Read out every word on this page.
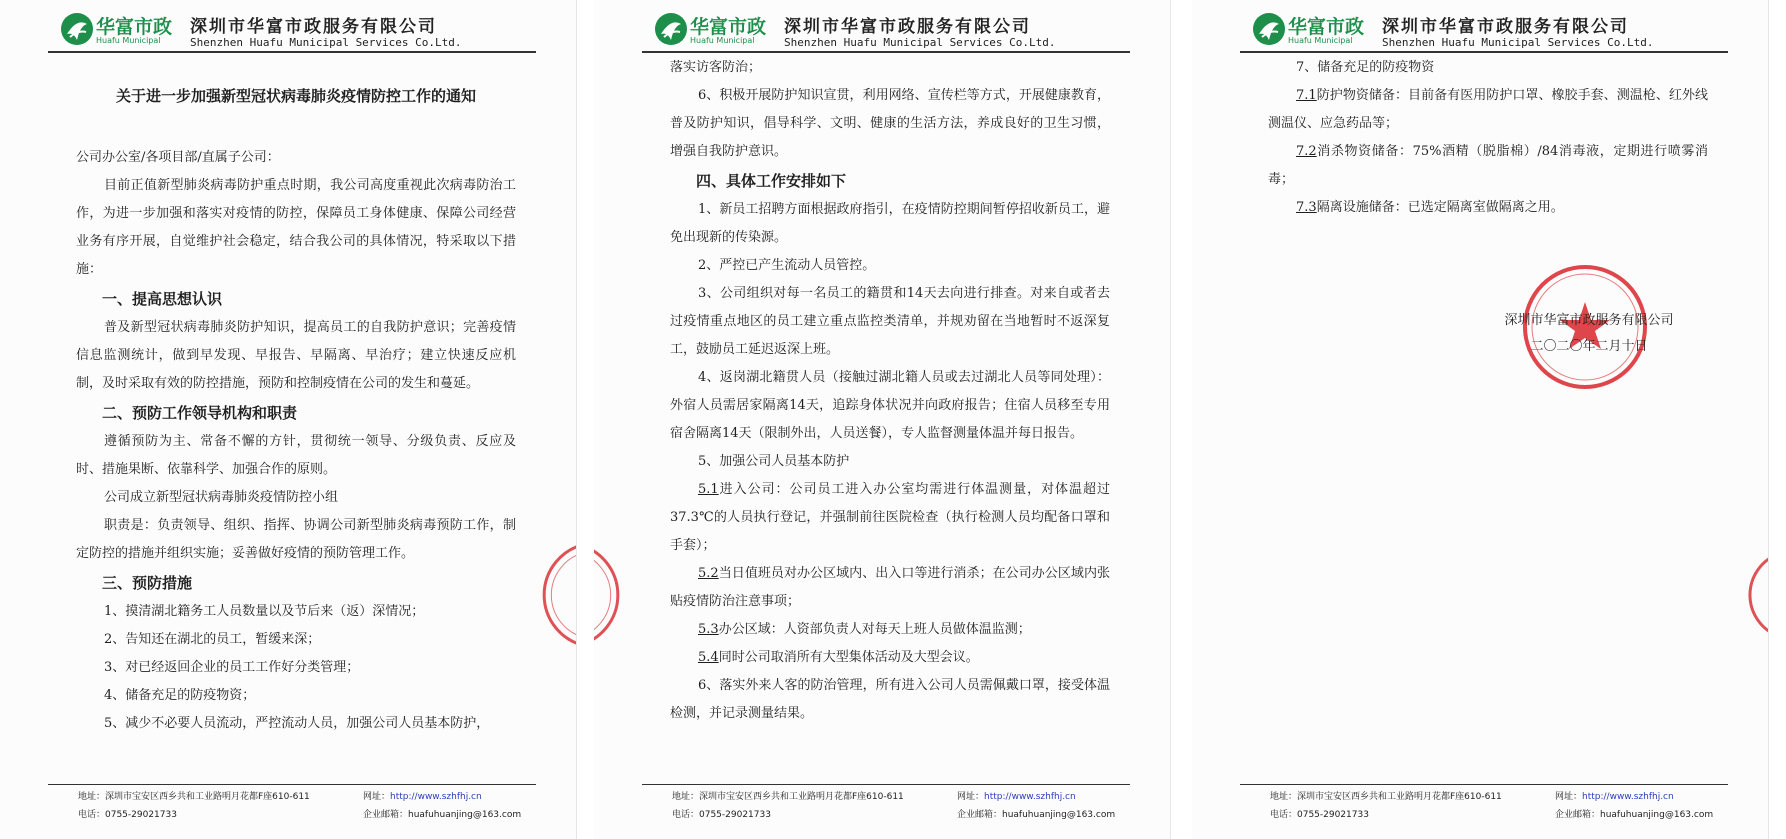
华富市政
Huafu Municipal
深圳市华富市政服务有限公司
Shenzhen Huafu Municipal Services Co.Ltd.
关于进一步加强新型冠状病毒肺炎疫情防控工作的通知

公司办公室/各项目部/直属子公司：

目前正值新型肺炎病毒防护重点时期，我公司高度重视此次病毒防治工作，为进一步加强和落实对疫情的防控，保障员工身体健康、保障公司经营业务有序开展，自觉维护社会稳定，结合我公司的具体情况，特采取以下措施：

一、提高思想认识

普及新型冠状病毒肺炎防护知识，提高员工的自我防护意识；完善疫情信息监测统计，做到早发现、早报告、早隔离、早治疗；建立快速反应机制，及时采取有效的防控措施，预防和控制疫情在公司的发生和蔓延。

二、预防工作领导机构和职责

遵循预防为主、常备不懈的方针，贯彻统一领导、分级负责、反应及时、措施果断、依靠科学、加强合作的原则。

公司成立新型冠状病毒肺炎疫情防控小组

职责是：负责领导、组织、指挥、协调公司新型肺炎病毒预防工作，制定防控的措施并组织实施；妥善做好疫情的预防管理工作。

三、预防措施

1、摸清湖北籍务工人员数量以及节后来（返）深情况；

2、告知还在湖北的员工，暂缓来深；

3、对已经返回企业的员工工作好分类管理；

4、储备充足的防疫物资；

5、减少不必要人员流动，严控流动人员，加强公司人员基本防护，

地址：深圳市宝安区西乡共和工业路明月花都F座610-611
电话：0755-29021733
网址：http://www.szhfhj.cn
企业邮箱：huafuhuanjing@163.com
华富市政
Huafu Municipal
深圳市华富市政服务有限公司
Shenzhen Huafu Municipal Services Co.Ltd.

落实访客防治；

6、积极开展防护知识宣贯，利用网络、宣传栏等方式，开展健康教育，普及防护知识，倡导科学、文明、健康的生活方法，养成良好的卫生习惯，增强自我防护意识。

四、具体工作安排如下

1、新员工招聘方面根据政府指引，在疫情防控期间暂停招收新员工，避免出现新的传染源。

2、严控已产生流动人员管控。

3、公司组织对每一名员工的籍贯和14天去向进行排查。对来自或者去过疫情重点地区的员工建立重点监控类清单，并规劝留在当地暂时不返深复工，鼓励员工延迟返深上班。

4、返岗湖北籍贯人员（接触过湖北籍人员或去过湖北人员等同处理）：外宿人员需居家隔离14天，追踪身体状况并向政府报告；住宿人员移至专用宿舍隔离14天（限制外出，人员送餐），专人监督测量体温并每日报告。

5、加强公司人员基本防护

5.1进入公司：公司员工进入办公室均需进行体温测量，对体温超过37.3℃的人员执行登记，并强制前往医院检查（执行检测人员均配备口罩和手套）；

5.2当日值班员对办公区域内、出入口等进行消杀；在公司办公区域内张贴疫情防治注意事项；

5.3办公区域：人资部负责人对每天上班人员做体温监测；

5.4同时公司取消所有大型集体活动及大型会议。

6、落实外来人客的防治管理，所有进入公司人员需佩戴口罩，接受体温检测，并记录测量结果。

地址：深圳市宝安区西乡共和工业路明月花都F座610-611
电话：0755-29021733
网址：http://www.szhfhj.cn
企业邮箱：huafuhuanjing@163.com
华富市政
Huafu Municipal
深圳市华富市政服务有限公司
Shenzhen Huafu Municipal Services Co.Ltd.

7、储备充足的防疫物资

7.1防护物资储备：目前备有医用防护口罩、橡胶手套、测温枪、红外线测温仪、应急药品等；

7.2消杀物资储备：75%酒精（脱脂棉）/84消毒液，定期进行喷雾消毒；

7.3隔离设施储备：已选定隔离室做隔离之用。

地址：深圳市宝安区西乡共和工业路明月花都F座610-611
电话：0755-29021733
网址：http://www.szhfhj.cn
企业邮箱：huafuhuanjing@163.com
深圳市华富市政服务有限公司
二〇二〇年二月十日
